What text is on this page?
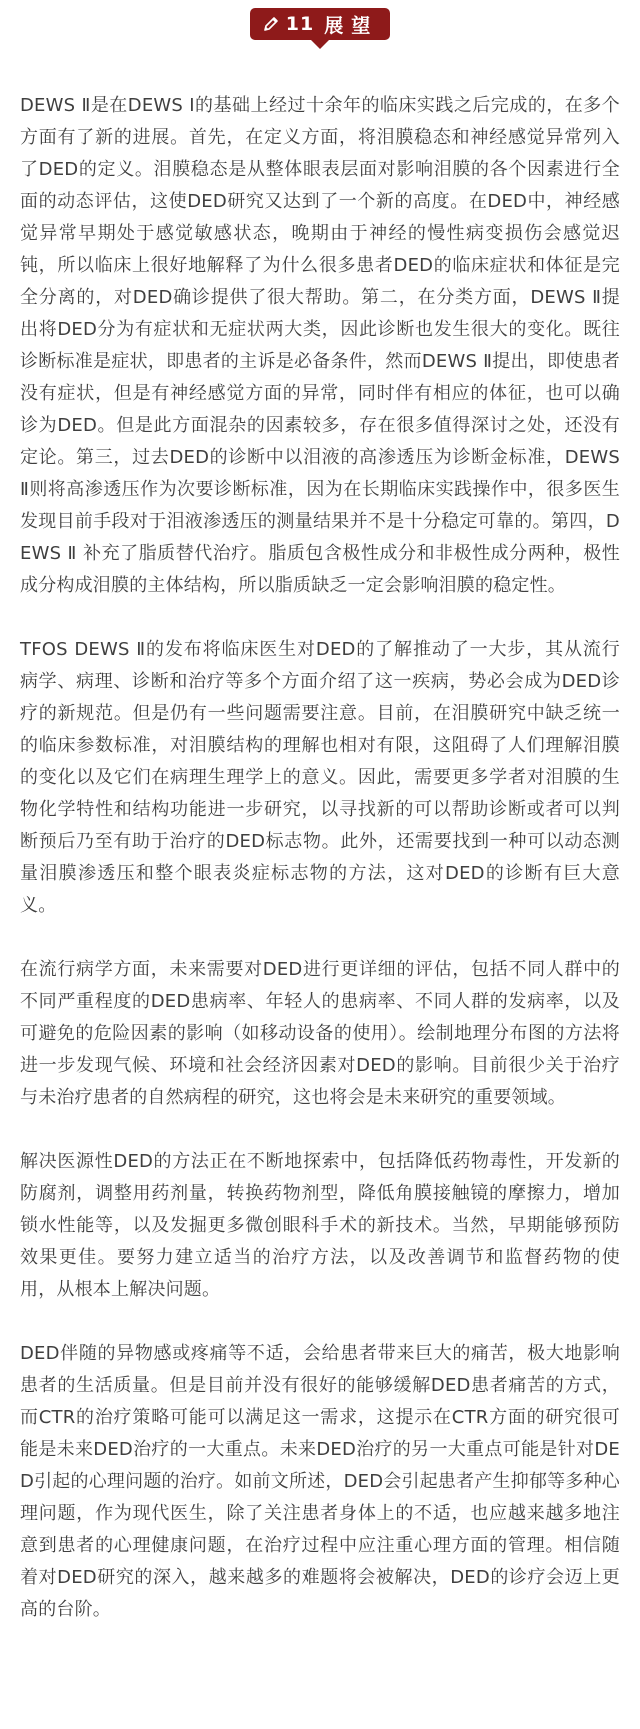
11 展望

DEWS Ⅱ是在DEWS Ⅰ的基础上经过十余年的临床实践之后完成的，在多个方面有了新的进展。首先，在定义方面，将泪膜稳态和神经感觉异常列入了DED的定义。泪膜稳态是从整体眼表层面对影响泪膜的各个因素进行全面的动态评估，这使DED研究又达到了一个新的高度。在DED中，神经感觉异常早期处于感觉敏感状态，晚期由于神经的慢性病变损伤会感觉迟钝，所以临床上很好地解释了为什么很多患者DED的临床症状和体征是完全分离的，对DED确诊提供了很大帮助。第二，在分类方面，DEWS Ⅱ提出将DED分为有症状和无症状两大类，因此诊断也发生很大的变化。既往诊断标准是症状，即患者的主诉是必备条件，然而DEWS Ⅱ提出，即使患者没有症状，但是有神经感觉方面的异常，同时伴有相应的体征，也可以确诊为DED。但是此方面混杂的因素较多，存在很多值得深讨之处，还没有定论。第三，过去DED的诊断中以泪液的高渗透压为诊断金标准，DEWS Ⅱ则将高渗透压作为次要诊断标准，因为在长期临床实践操作中，很多医生发现目前手段对于泪液渗透压的测量结果并不是十分稳定可靠的。第四，DEWS Ⅱ 补充了脂质替代治疗。脂质包含极性成分和非极性成分两种，极性成分构成泪膜的主体结构，所以脂质缺乏一定会影响泪膜的稳定性。

TFOS DEWS Ⅱ的发布将临床医生对DED的了解推动了一大步，其从流行病学、病理、诊断和治疗等多个方面介绍了这一疾病，势必会成为DED诊疗的新规范。但是仍有一些问题需要注意。目前，在泪膜研究中缺乏统一的临床参数标准，对泪膜结构的理解也相对有限，这阻碍了人们理解泪膜的变化以及它们在病理生理学上的意义。因此，需要更多学者对泪膜的生物化学特性和结构功能进一步研究，以寻找新的可以帮助诊断或者可以判断预后乃至有助于治疗的DED标志物。此外，还需要找到一种可以动态测量泪膜渗透压和整个眼表炎症标志物的方法，这对DED的诊断有巨大意义。

在流行病学方面，未来需要对DED进行更详细的评估，包括不同人群中的不同严重程度的DED患病率、年轻人的患病率、不同人群的发病率，以及可避免的危险因素的影响（如移动设备的使用）。绘制地理分布图的方法将进一步发现气候、环境和社会经济因素对DED的影响。目前很少关于治疗与未治疗患者的自然病程的研究，这也将会是未来研究的重要领域。

解决医源性DED的方法正在不断地探索中，包括降低药物毒性，开发新的防腐剂，调整用药剂量，转换药物剂型，降低角膜接触镜的摩擦力，增加锁水性能等，以及发掘更多微创眼科手术的新技术。当然，早期能够预防效果更佳。要努力建立适当的治疗方法，以及改善调节和监督药物的使用，从根本上解决问题。

DED伴随的异物感或疼痛等不适，会给患者带来巨大的痛苦，极大地影响患者的生活质量。但是目前并没有很好的能够缓解DED患者痛苦的方式，而CTR的治疗策略可能可以满足这一需求，这提示在CTR方面的研究很可能是未来DED治疗的一大重点。未来DED治疗的另一大重点可能是针对DED引起的心理问题的治疗。如前文所述，DED会引起患者产生抑郁等多种心理问题，作为现代医生，除了关注患者身体上的不适，也应越来越多地注意到患者的心理健康问题，在治疗过程中应注重心理方面的管理。相信随着对DED研究的深入，越来越多的难题将会被解决，DED的诊疗会迈上更高的台阶。
